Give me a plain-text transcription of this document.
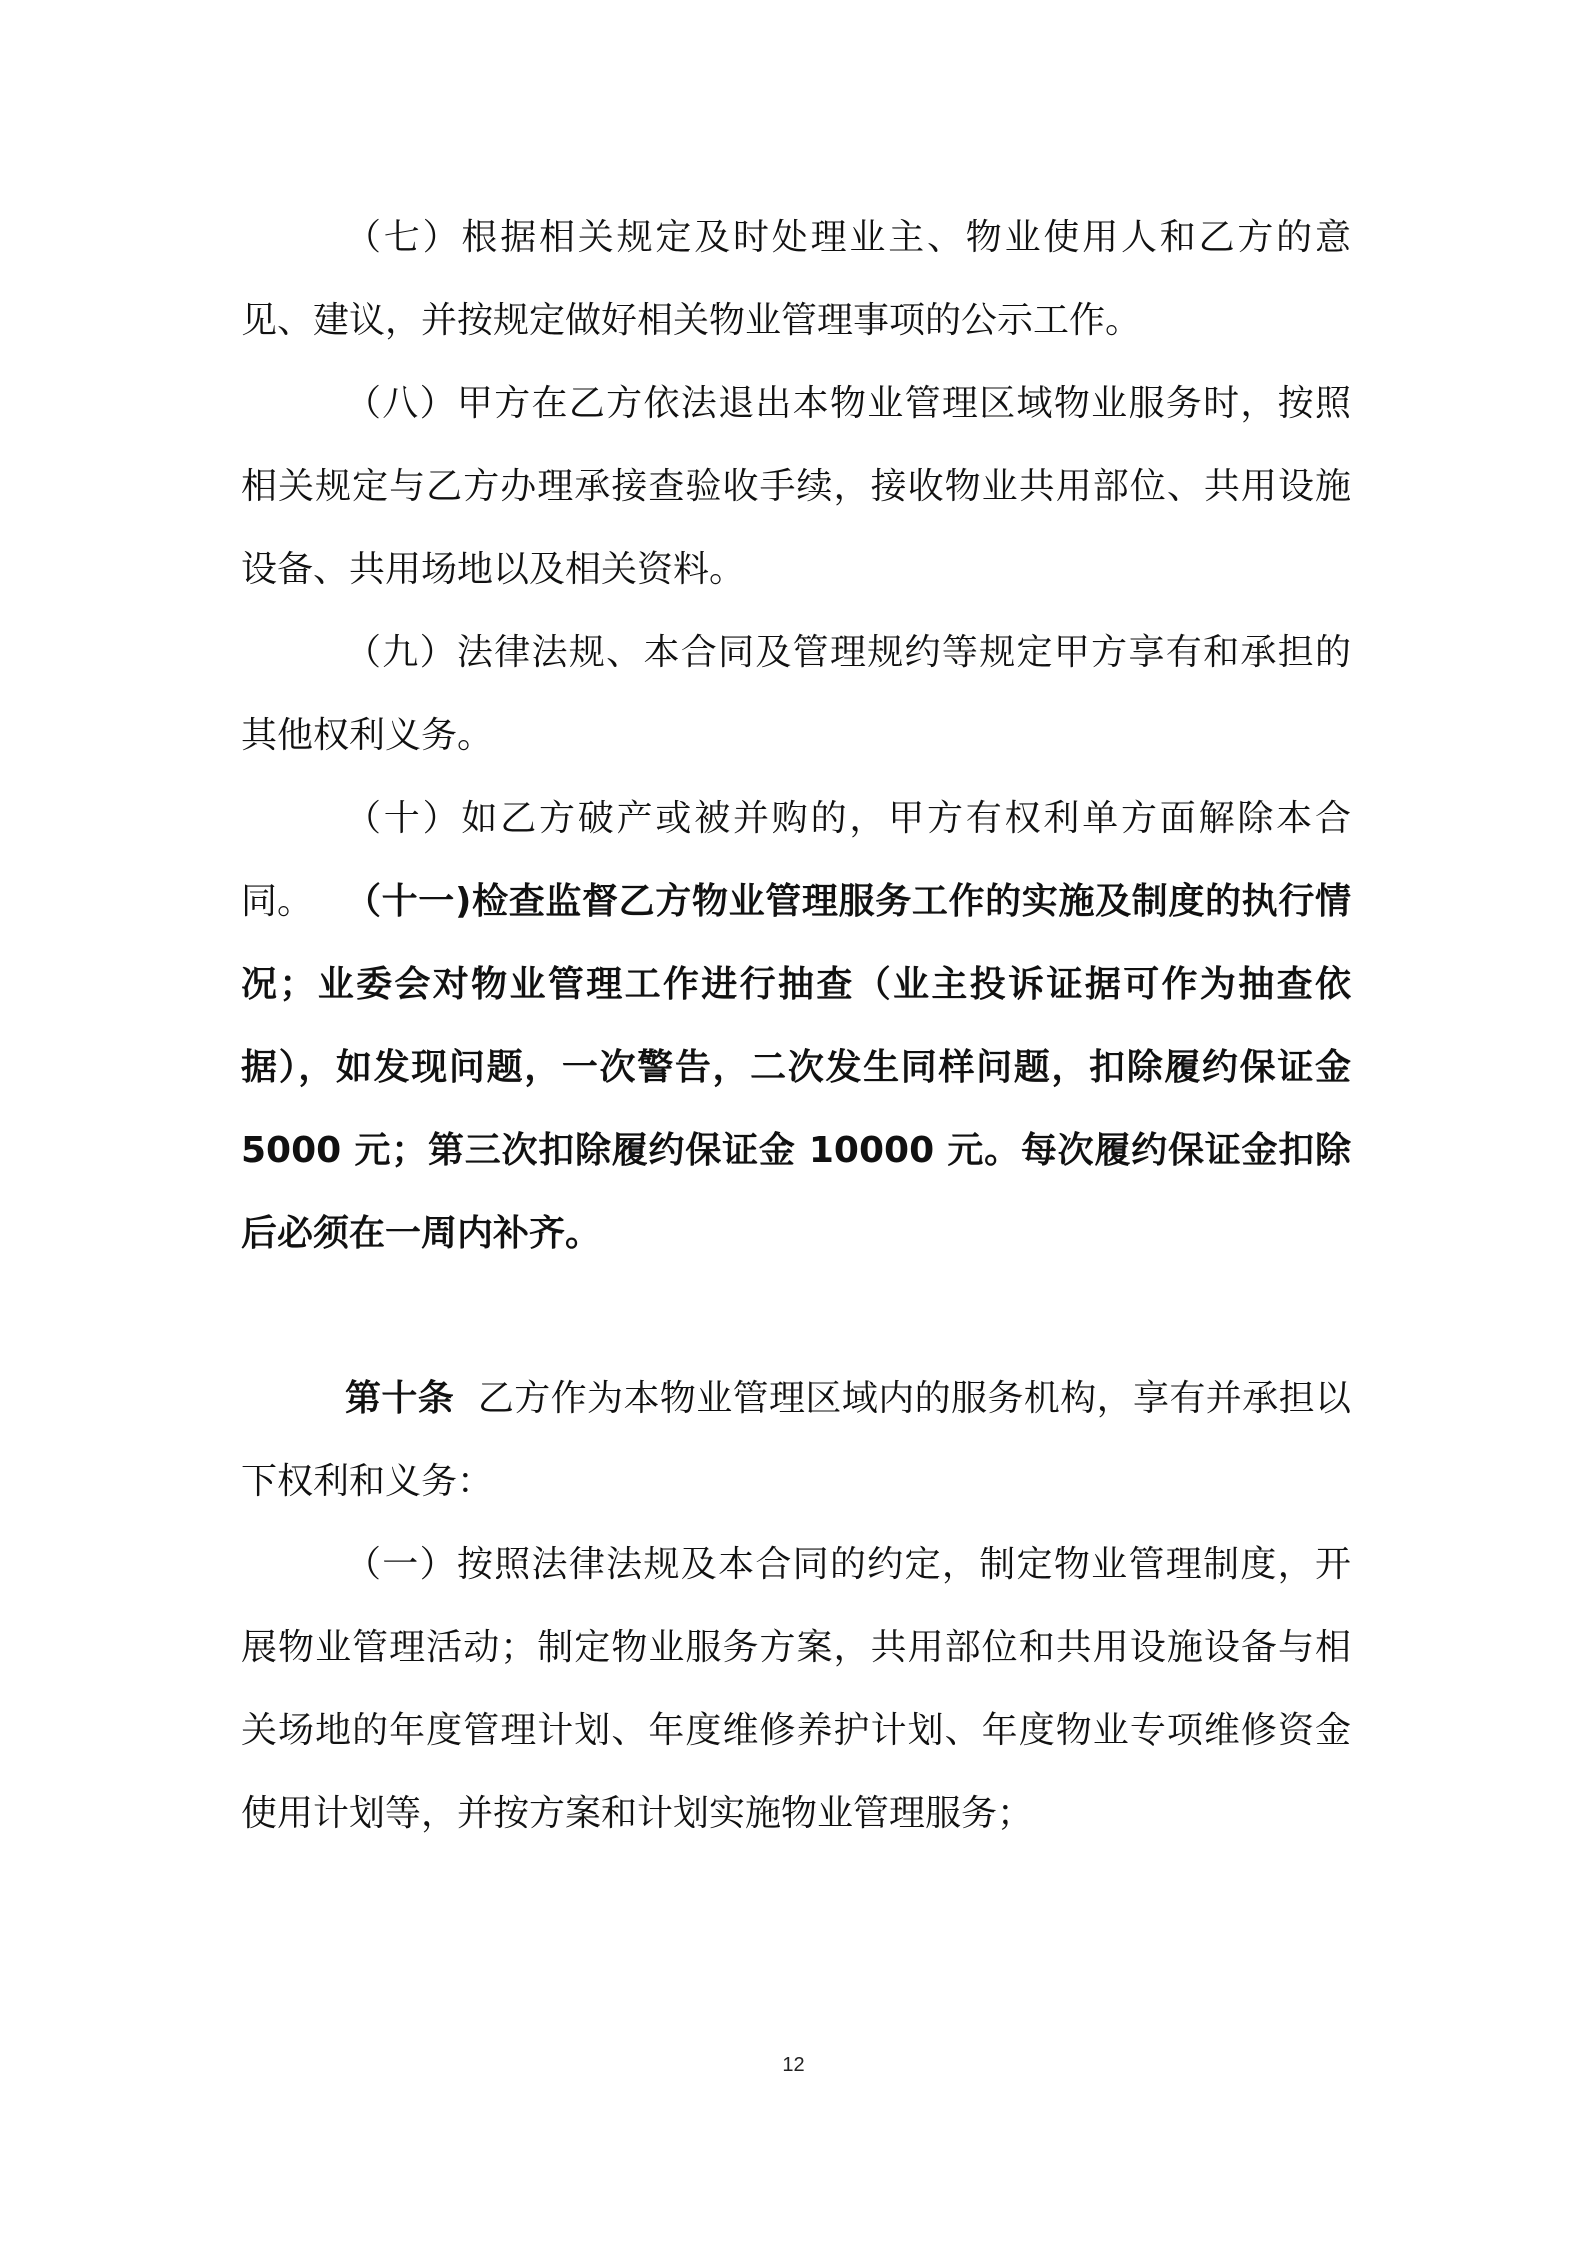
（七）根据相关规定及时处理业主、物业使用人和乙方的意见、建议，并按规定做好相关物业管理事项的公示工作。

（八）甲方在乙方依法退出本物业管理区域物业服务时，按照相关规定与乙方办理承接查验收手续，接收物业共用部位、共用设施设备、共用场地以及相关资料。

（九）法律法规、本合同及管理规约等规定甲方享有和承担的其他权利义务。

（十）如乙方破产或被并购的，甲方有权利单方面解除本合同。 （十一)检查监督乙方物业管理服务工作的实施及制度的执行情况；业委会对物业管理工作进行抽查（业主投诉证据可作为抽查依据），如发现问题，一次警告，二次发生同样问题，扣除履约保证金5000 元；第三次扣除履约保证金 10000 元。每次履约保证金扣除后必须在一周内补齐。

第十条 乙方作为本物业管理区域内的服务机构，享有并承担以下权利和义务：

（一）按照法律法规及本合同的约定，制定物业管理制度，开展物业管理活动；制定物业服务方案，共用部位和共用设施设备与相关场地的年度管理计划、年度维修养护计划、年度物业专项维修资金使用计划等，并按方案和计划实施物业管理服务；

12
